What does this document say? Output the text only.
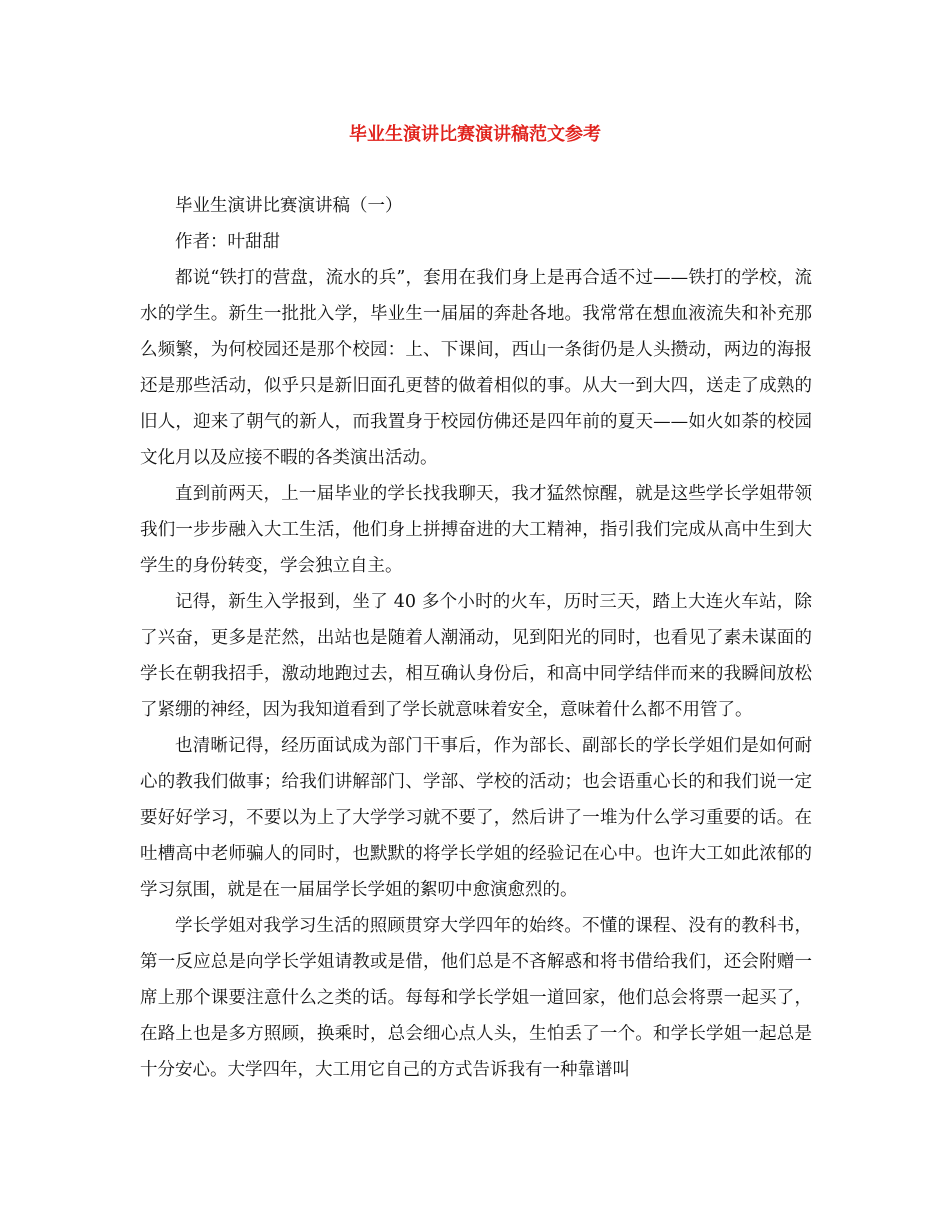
毕业生演讲比赛演讲稿范文参考

毕业生演讲比赛演讲稿（一）

作者：叶甜甜

都说“铁打的营盘，流水的兵”，套用在我们身上是再合适不过——铁打的学校，流水的学生。新生一批批入学，毕业生一届届的奔赴各地。我常常在想血液流失和补充那么频繁，为何校园还是那个校园：上、下课间，西山一条街仍是人头攒动，两边的海报还是那些活动，似乎只是新旧面孔更替的做着相似的事。从大一到大四，送走了成熟的旧人，迎来了朝气的新人，而我置身于校园仿佛还是四年前的夏天——如火如荼的校园文化月以及应接不暇的各类演出活动。

直到前两天，上一届毕业的学长找我聊天，我才猛然惊醒，就是这些学长学姐带领我们一步步融入大工生活，他们身上拼搏奋进的大工精神，指引我们完成从高中生到大学生的身份转变，学会独立自主。

记得，新生入学报到，坐了 40 多个小时的火车，历时三天，踏上大连火车站，除了兴奋，更多是茫然，出站也是随着人潮涌动，见到阳光的同时，也看见了素未谋面的学长在朝我招手，激动地跑过去，相互确认身份后，和高中同学结伴而来的我瞬间放松了紧绷的神经，因为我知道看到了学长就意味着安全，意味着什么都不用管了。

也清晰记得，经历面试成为部门干事后，作为部长、副部长的学长学姐们是如何耐心的教我们做事；给我们讲解部门、学部、学校的活动；也会语重心长的和我们说一定要好好学习，不要以为上了大学学习就不要了，然后讲了一堆为什么学习重要的话。在吐槽高中老师骗人的同时，也默默的将学长学姐的经验记在心中。也许大工如此浓郁的学习氛围，就是在一届届学长学姐的絮叨中愈演愈烈的。

学长学姐对我学习生活的照顾贯穿大学四年的始终。不懂的课程、没有的教科书，第一反应总是向学长学姐请教或是借，他们总是不吝解惑和将书借给我们，还会附赠一席上那个课要注意什么之类的话。每每和学长学姐一道回家，他们总会将票一起买了，在路上也是多方照顾，换乘时，总会细心点人头，生怕丢了一个。和学长学姐一起总是十分安心。大学四年，大工用它自己的方式告诉我有一种靠谱叫
